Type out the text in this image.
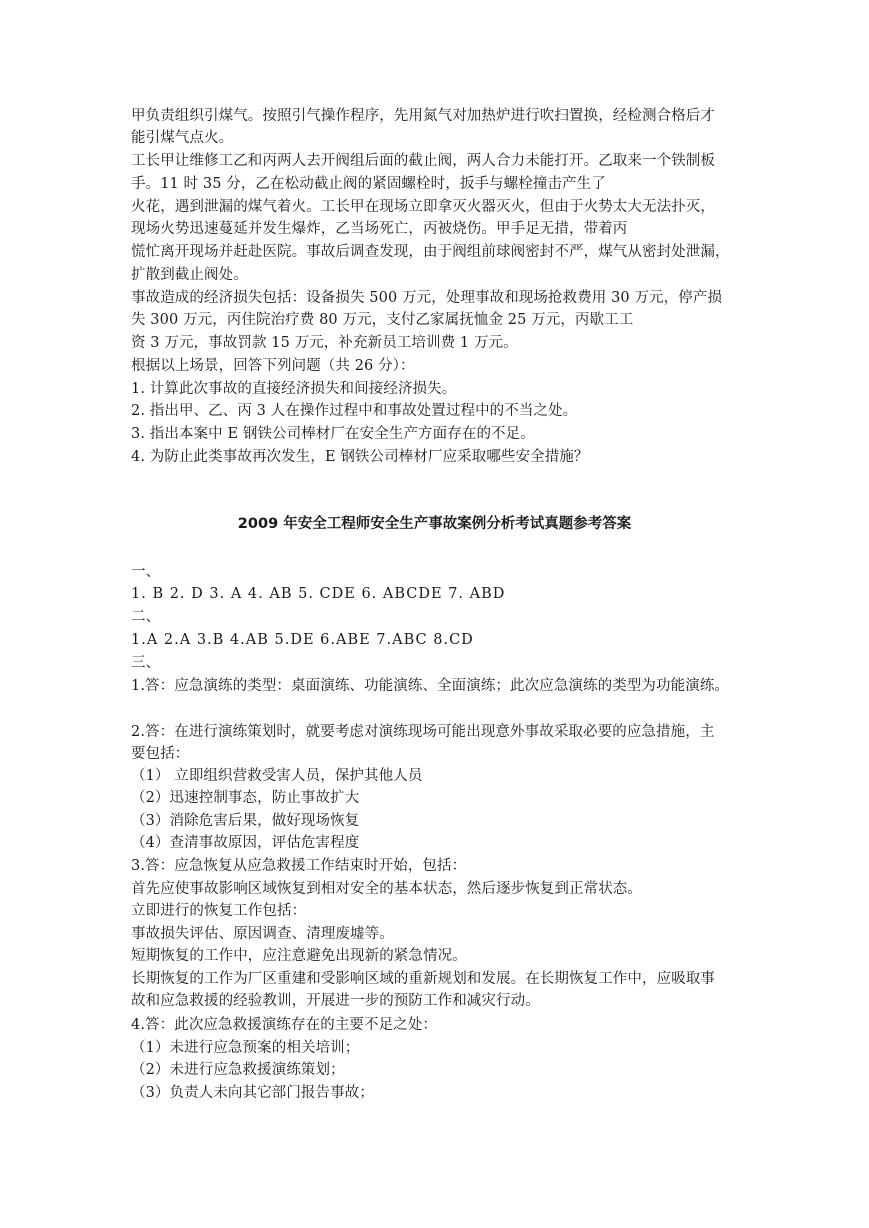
甲负责组织引煤气。按照引气操作程序，先用氮气对加热炉进行吹扫置换，经检测合格后才
能引煤气点火。
工长甲让维修工乙和丙两人去开阀组后面的截止阀，两人合力未能打开。乙取来一个铁制板
手。11 时 35 分，乙在松动截止阀的紧固螺栓时，扳手与螺栓撞击产生了
火花，遇到泄漏的煤气着火。工长甲在现场立即拿灭火器灭火，但由于火势太大无法扑灭，
现场火势迅速蔓延并发生爆炸，乙当场死亡，丙被烧伤。甲手足无措，带着丙
慌忙离开现场并赶赴医院。事故后调查发现，由于阀组前球阀密封不严，煤气从密封处泄漏，
扩散到截止阀处。
事故造成的经济损失包括：设备损失 500 万元，处理事故和现场抢救费用 30 万元，停产损
失 300 万元，丙住院治疗费 80 万元，支付乙家属抚恤金 25 万元，丙歇工工
资 3 万元，事故罚款 15 万元，补充新员工培训费 1 万元。
根据以上场景，回答下列问题（共 26 分）：
1. 计算此次事故的直接经济损失和间接经济损失。
2. 指出甲、乙、丙 3 人在操作过程中和事故处置过程中的不当之处。
3. 指出本案中 E 钢铁公司棒材厂在安全生产方面存在的不足。
4. 为防止此类事故再次发生，E 钢铁公司棒材厂应采取哪些安全措施？
2009 年安全工程师安全生产事故案例分析考试真题参考答案
一、
1. B 2. D 3. A 4. AB 5. CDE 6. ABCDE 7. ABD
二、
1.A 2.A 3.B 4.AB 5.DE 6.ABE 7.ABC 8.CD
三、
1.答：应急演练的类型：桌面演练、功能演练、全面演练；此次应急演练的类型为功能演练。
2.答：在进行演练策划时，就要考虑对演练现场可能出现意外事故采取必要的应急措施，主
要包括：
（1） 立即组织营救受害人员，保护其他人员
（2）迅速控制事态，防止事故扩大
（3）消除危害后果，做好现场恢复
（4）查清事故原因，评估危害程度
3.答：应急恢复从应急救援工作结束时开始，包括：
首先应使事故影响区域恢复到相对安全的基本状态，然后逐步恢复到正常状态。
立即进行的恢复工作包括：
事故损失评估、原因调查、清理废墟等。
短期恢复的工作中，应注意避免出现新的紧急情况。
长期恢复的工作为厂区重建和受影响区域的重新规划和发展。在长期恢复工作中，应吸取事
故和应急救援的经验教训，开展进一步的预防工作和减灾行动。
4.答：此次应急救援演练存在的主要不足之处：
（1）未进行应急预案的相关培训；
（2）未进行应急救援演练策划；
（3）负责人未向其它部门报告事故；
